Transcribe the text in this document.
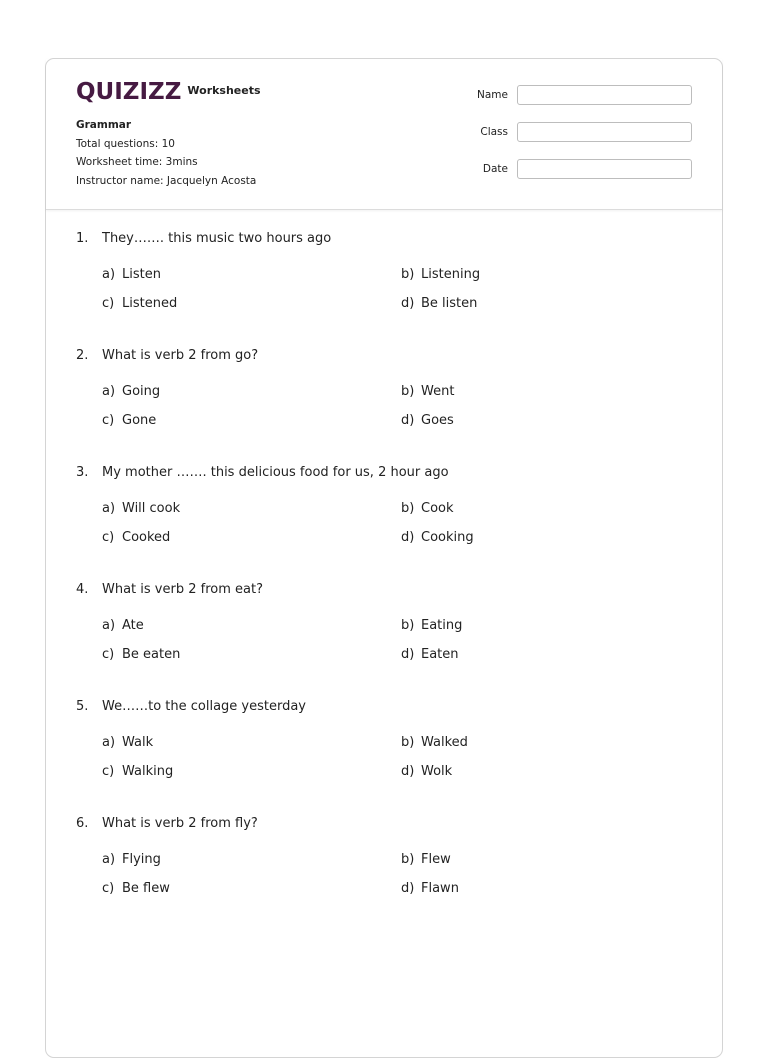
QUIZIZZ Worksheets
Grammar
Total questions: 10
Worksheet time: 3mins
Instructor name: Jacquelyn Acosta
Name
Class
Date
1. They……. this music two hours ago
a) Listen	b) Listening
c) Listened	d) Be listen
2. What is verb 2 from go?
a) Going	b) Went
c) Gone	d) Goes
3. My mother ……. this delicious food for us, 2 hour ago
a) Will cook	b) Cook
c) Cooked	d) Cooking
4. What is verb 2 from eat?
a) Ate	b) Eating
c) Be eaten	d) Eaten
5. We……to the collage yesterday
a) Walk	b) Walked
c) Walking	d) Wolk
6. What is verb 2 from fly?
a) Flying	b) Flew
c) Be flew	d) Flawn
